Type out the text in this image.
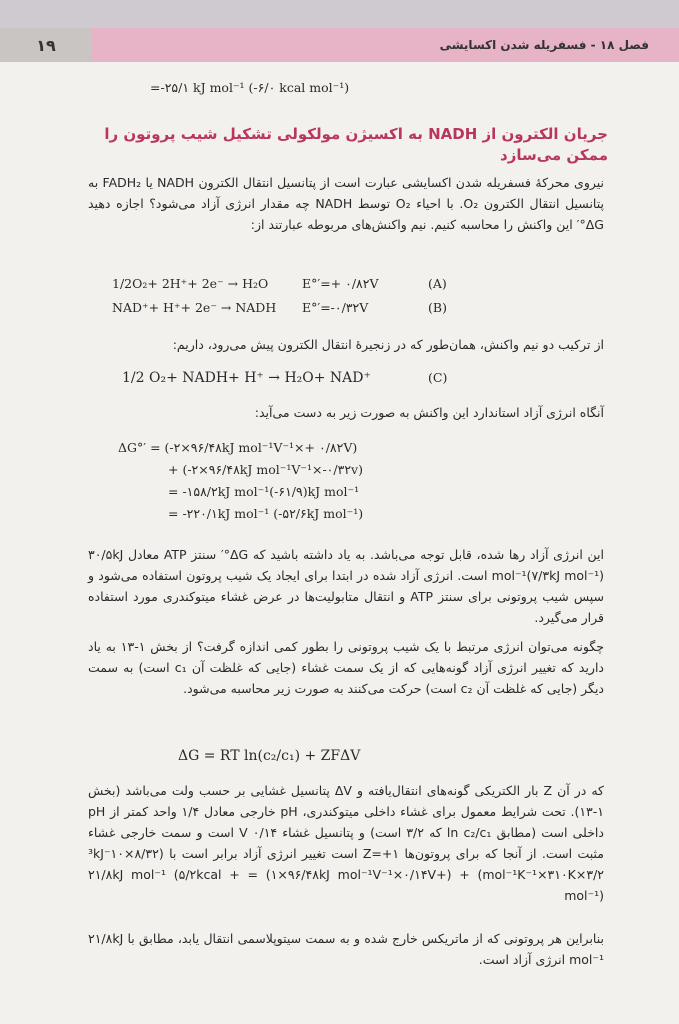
۱۹	فصل ۱۸ - فسفریله شدن اکسایشی
=-۲۵/۱ kJ mol⁻¹ (-۶/۰ kcal mol⁻¹)
جریان الکترون از NADH به اکسیژن مولکولی تشکیل شیب پروتون را ممکن می‌سازد
نیروی محرکهٔ فسفریله شدن اکسایشی عبارت است از پتانسیل انتقال الکترون NADH یا FADH₂ به پتانسیل انتقال الکترون O₂. با احیاء O₂ توسط NADH چه مقدار انرژی آزاد می‌شود؟ اجازه دهید ΔG°′ این واکنش را محاسبه کنیم. نیم واکنش‌های مربوطه عبارتند از:
1/2O₂+ 2H⁺+ 2e⁻ → H₂O	E°′=+ ۰/۸۲V	(A)
NAD⁺+ H⁺+ 2e⁻ → NADH E°′=-۰/۳۲V	(B)
از ترکیب دو نیم واکنش، همان‌طور که در زنجیرهٔ انتقال الکترون پیش می‌رود، داریم:
1/2 O₂+ NADH+ H⁺ → H₂O+ NAD⁺	(C)
آنگاه انرژی آزاد استاندارد این واکنش به صورت زیر به دست می‌آید:
ΔG°′ = (-۲×۹۶/۴۸kJ mol⁻¹V⁻¹×+ ۰/۸۲V)
+ (-۲×۹۶/۴۸kJ mol⁻¹V⁻¹×-۰/۳۲v)
= -۱۵۸/۲kJ mol⁻¹(-۶۱/۹)kJ mol⁻¹
= -۲۲۰/۱kJ mol⁻¹ (-۵۲/۶kJ mol⁻¹)
این انرژی آزاد رها شده، قابل توجه می‌باشد. به یاد داشته باشید که ΔG°′ سنتز ATP معادل ۳۰/۵kJ mol⁻¹(۷/۳kJ mol⁻¹) است. انرژی آزاد شده در ابتدا برای ایجاد یک شیب پروتون استفاده می‌شود و سپس شیب پروتونی برای سنتز ATP و انتقال متابولیت‌ها در عرض غشاء میتوکندری مورد استفاده قرار می‌گیرد.
چگونه می‌توان انرژی مرتبط با یک شیب پروتونی را بطور کمی اندازه گرفت؟ از بخش ۱-۱۳ به یاد دارید که تغییر انرژی آزاد گونه‌هایی که از یک سمت غشاء (جایی که غلظت آن c₁ است) به سمت دیگر (جایی که غلظت آن c₂ است) حرکت می‌کنند به صورت زیر محاسبه می‌شود.
ΔG = RT ln(c₂/c₁) + ZFΔV
که در آن Z بار الکتریکی گونه‌های انتقال‌یافته و ΔV پتانسیل غشایی بر حسب ولت می‌باشد (بخش ۱-۱۳). تحت شرایط معمول برای غشاء داخلی میتوکندری، pH خارجی معادل ۱/۴ واحد کمتر از pH داخلی است (مطابق ln c₂/c₁ که ۳/۲ است) و پتانسیل غشاء ۰/۱۴ V است و سمت خارجی غشاء مثبت است. از آنجا که برای پروتون‌ها Z=+۱ است تغییر انرژی آزاد برابر است با (۸/۳۲×۱۰⁻³kJ mol⁻¹K⁻¹×۳۱۰K×۳/۲) + (+۱×۹۶/۴۸kJ mol⁻¹V⁻¹×۰/۱۴V) = + ۲۱/۸kJ mol⁻¹ (۵/۲kcal mol⁻¹)
بنابراین هر پروتونی که از ماتریکس خارج شده و به سمت سیتوپلاسمی انتقال یابد، مطابق با ۲۱/۸kJ mol⁻¹ انرژی آزاد است.
